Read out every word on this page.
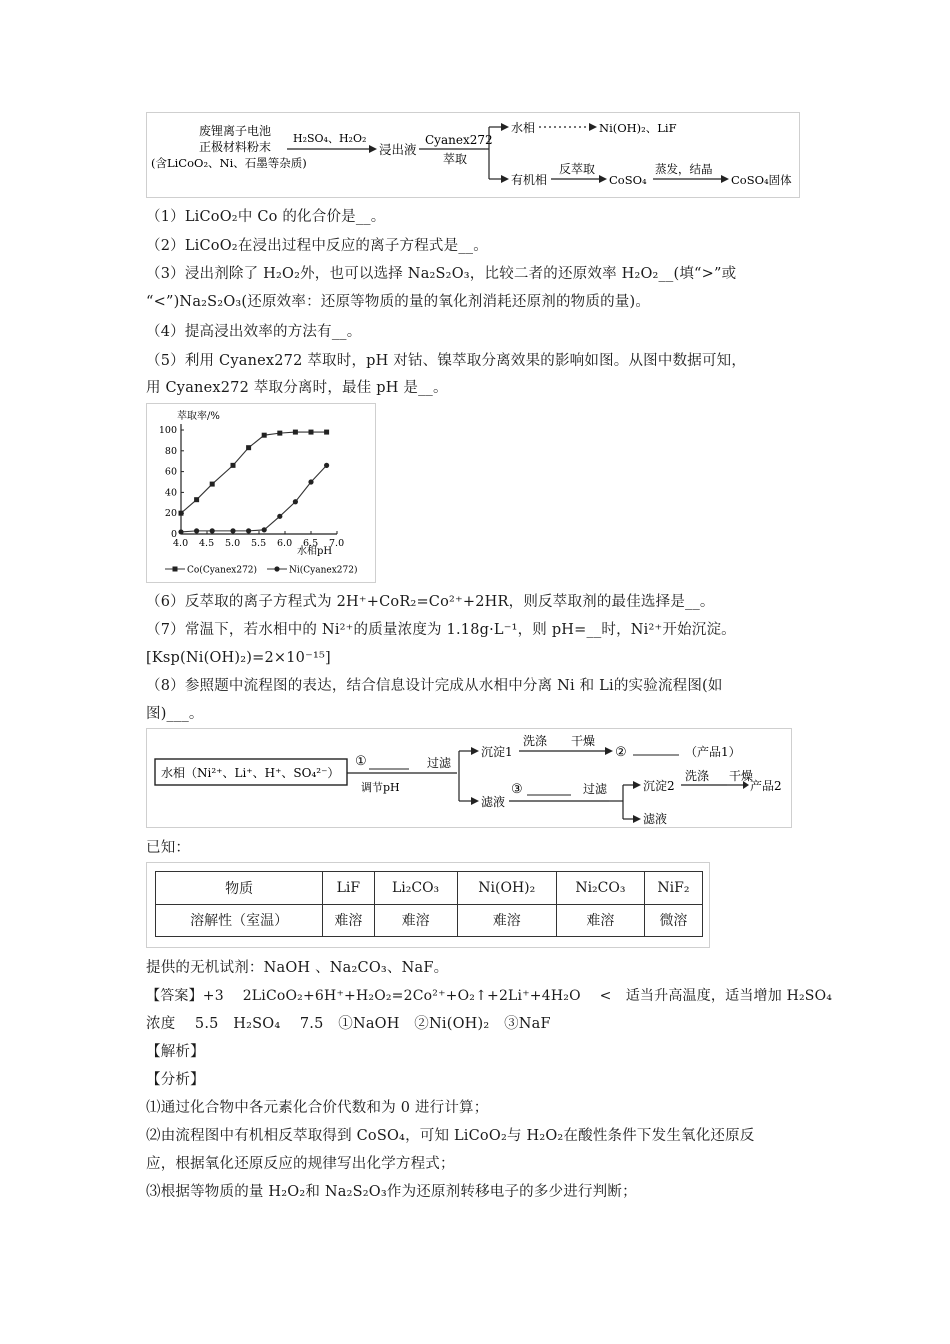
废锂离子电池
正极材料粉末
(含LiCoO₂、Ni、石墨等杂质)
H₂SO₄、H₂O₂
浸出液
Cyanex272
萃取
水相	Ni(OH)₂、LiF
有机相
反萃取
CoSO₄
蒸发，结晶
CoSO₄固体
（1）LiCoO₂中 Co 的化合价是__。
（2）LiCoO₂在浸出过程中反应的离子方程式是__。
（3）浸出剂除了 H₂O₂外，也可以选择 Na₂S₂O₃，比较二者的还原效率 H₂O₂__(填“>”或
“<”)Na₂S₂O₃(还原效率：还原等物质的量的氧化剂消耗还原剂的物质的量)。
（4）提高浸出效率的方法有__。
（5）利用 Cyanex272 萃取时，pH 对钴、镍萃取分离效果的影响如图。从图中数据可知，
用 Cyanex272 萃取分离时，最佳 pH 是__。
萃取率/%
水相pH
4.0 4.5 5.0 5.5 6.0 6.5 7.0
0
20
40
60
80
100
Co(Cyanex272)	Ni(Cyanex272)
（6）反萃取的离子方程式为 2H⁺+CoR₂=Co²⁺+2HR，则反萃取剂的最佳选择是__。
（7）常温下，若水相中的 Ni²⁺的质量浓度为 1.18g·L⁻¹，则 pH=__时，Ni²⁺开始沉淀。
[Ksp(Ni(OH)₂)=2×10⁻¹⁵]
（8）参照题中流程图的表达，结合信息设计完成从水相中分离 Ni 和 Li的实验流程图(如
图)___。
水相（Ni²⁺、Li⁺、H⁺、SO₄²⁻）
①
调节pH
过滤
沉淀1
洗涤 干燥
②	（产品1）
滤液
③	过滤	沉淀2
洗涤 干燥
产品2
滤液
已知：
物质	LiF	Li₂CO₃	Ni(OH)₂	Ni₂CO₃	NiF₂
溶解性（室温）	难溶	难溶	难溶	难溶	微溶
提供的无机试剂：NaOH 、Na₂CO₃、NaF。
【答案】+3　 2LiCoO₂+6H⁺+H₂O₂=2Co²⁺+O₂↑+2Li⁺+4H₂O　 <　适当升高温度，适当增加 H₂SO₄
浓度　 5.5　H₂SO₄　 7.5　①NaOH　②Ni(OH)₂　③NaF
【解析】
【分析】
⑴通过化合物中各元素化合价代数和为 0 进行计算；
⑵由流程图中有机相反萃取得到 CoSO₄，可知 LiCoO₂与 H₂O₂在酸性条件下发生氧化还原反
应，根据氧化还原反应的规律写出化学方程式；
⑶根据等物质的量 H₂O₂和 Na₂S₂O₃作为还原剂转移电子的多少进行判断；
